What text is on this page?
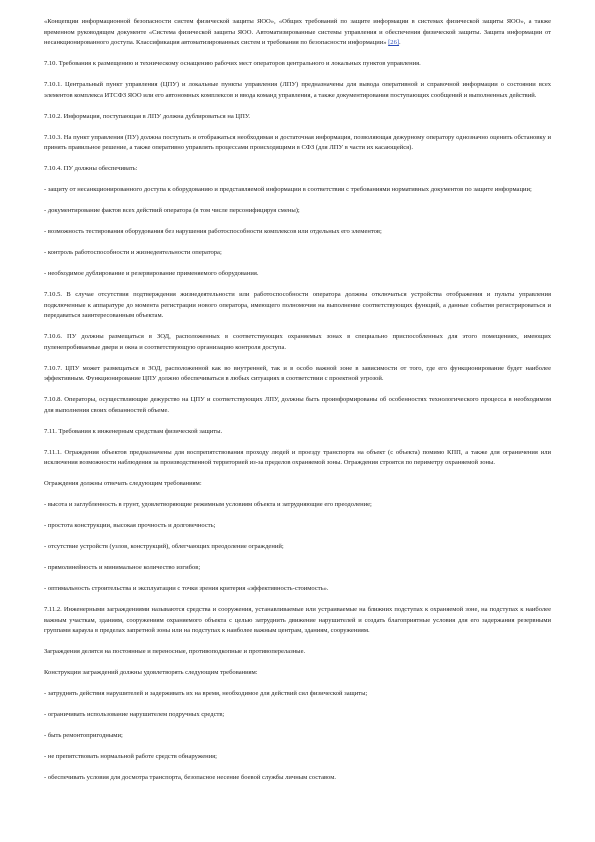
«Концепции информационной безопасности систем физической защиты ЯОО», «Общих требований по защите информации в системах физической защиты ЯОО», а также временном руководящем документе «Система физической защиты ЯОО. Автоматизированные системы управления и обеспечения физической защиты. Защита информации от несанкционированного доступа. Классификация автоматизированных систем и требования по безопасности информации» [26].

7.10. Требования к размещению и техническому оснащению рабочих мест операторов центрального и локальных пунктов управления.

7.10.1. Центральный пункт управления (ЦПУ) и локальные пункты управления (ЛПУ) предназначены для вывода оперативной и справочной информации о состоянии всех элементов комплекса ИТСФЗ ЯОО или его автономных комплексов и ввода команд управления, а также документирования поступающих сообщений и выполненных действий.

7.10.2. Информация, поступающая в ЛПУ должна дублироваться на ЦПУ.

7.10.3. На пункт управления (ПУ) должна поступать и отображаться необходимая и достаточная информация, позволяющая дежурному оператору однозначно оценить обстановку и принять правильное решение, а также оперативно управлять процессами происходящими в СФЗ (для ЛПУ в части их касающейся).

7.10.4. ПУ должны обеспечивать:

- защиту от несанкционированного доступа к оборудованию и представляемой информации в соответствии с требованиями нормативных документов по защите информации;

- документирование фактов всех действий оператора (в том числе персонифицируя смены);

- возможность тестирования оборудования без нарушения работоспособности комплексов или отдельных его элементов;

- контроль работоспособности и жизнедеятельности оператора;

- необходимое дублирование и резервирование применяемого оборудования.

7.10.5. В случае отсутствия подтверждения жизнедеятельности или работоспособности оператора должны отключаться устройства отображения и пульты управления подключенные к аппаратуре до момента регистрации нового оператора, имеющего полномочия на выполнение соответствующих функций, а данные события регистрироваться и передаваться заинтересованным объектам.

7.10.6. ПУ должны размещаться в ЗОД, расположенных в соответствующих охраняемых зонах в специально приспособленных для этого помещениях, имеющих пуленепробиваемые двери и окна и соответствующую организацию контроля доступа.

7.10.7. ЦПУ может размещаться в ЗОД, расположенной как во внутренней, так и в особо важной зоне в зависимости от того, где его функционирование будет наиболее эффективным. Функционирование ЦПУ должно обеспечиваться в любых ситуациях в соответствии с проектной угрозой.

7.10.8. Операторы, осуществляющие дежурство на ЦПУ и соответствующих ЛПУ, должны быть проинформированы об особенностях технологического процесса в необходимом для выполнения своих обязанностей объеме.

7.11. Требования к инженерным средствам физической защиты.

7.11.1. Ограждения объектов предназначены для воспрепятствования проходу людей и проезду транспорта на объект (с объекта) помимо КПП, а также для ограничения или исключения возможности наблюдения за производственной территорией из-за пределов охраняемой зоны. Ограждения строятся по периметру охраняемой зоны.

Ограждения должны отвечать следующим требованиям:

- высота и заглубленность в грунт, удовлетворяющие режимным условиям объекта и затрудняющие его преодоление;

- простота конструкции, высокая прочность и долговечность;

- отсутствие устройств (узлов, конструкций), облегчающих преодоление ограждений;

- прямолинейность и минимальное количество изгибов;

- оптимальность строительства и эксплуатации с точки зрения критерия «эффективность-стоимость».

7.11.2. Инженерными заграждениями называются средства и сооружения, устанавливаемые или устраиваемые на ближних подступах к охраняемой зоне, на подступах к наиболее важным участкам, зданиям, сооружениям охраняемого объекта с целью затруднить движение нарушителей и создать благоприятные условия для его задержания резервными группами караула в пределах запретной зоны или на подступах к наиболее важным центрам, зданиям, сооружениям.

Заграждения делятся на постоянные и переносные, противоподкопные и противоперелазные.

Конструкции заграждений должны удовлетворять следующим требованиям:

- затруднять действия нарушителей и задерживать их на время, необходимое для действий сил физической защиты;

- ограничивать использование нарушителем подручных средств;

- быть ремонтопригодными;

- не препятствовать нормальной работе средств обнаружения;

- обеспечивать условия для досмотра транспорта, безопасное несение боевой службы личным составом.
